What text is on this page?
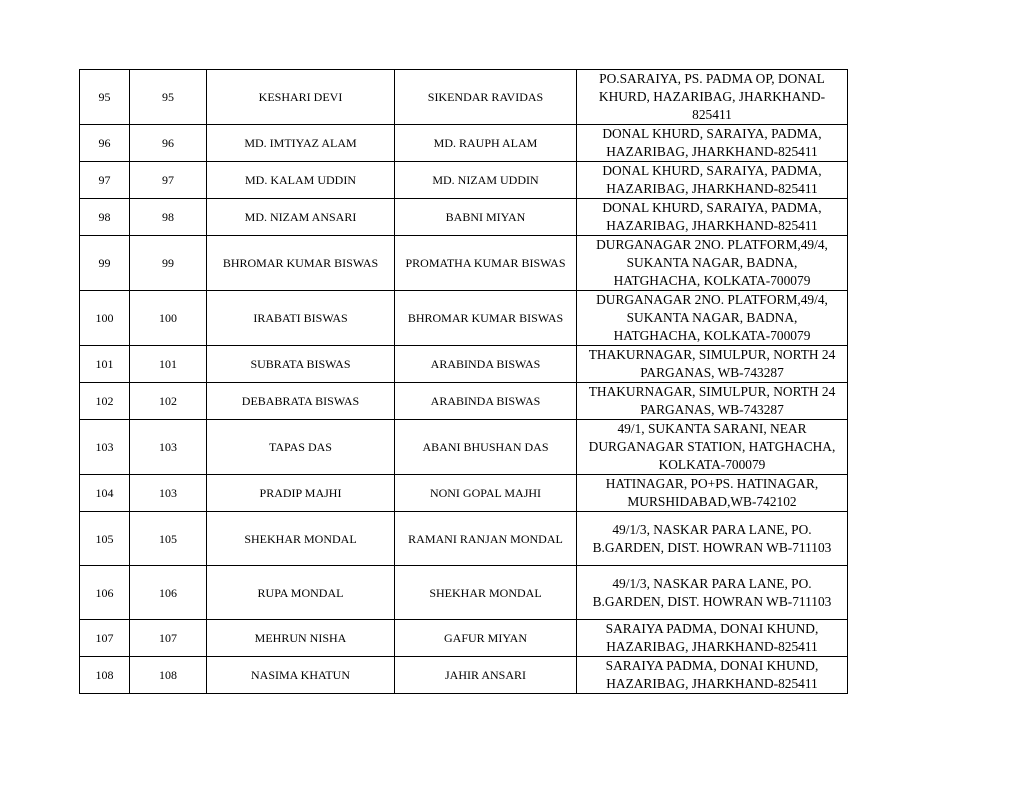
95	95	KESHARI DEVI	SIKENDAR RAVIDAS	PO.SARAIYA, PS. PADMA OP, DONAL
KHURD, HAZARIBAG, JHARKHAND-
825411

96	96	MD. IMTIYAZ ALAM	MD. RAUPH ALAM	DONAL KHURD, SARAIYA, PADMA,
HAZARIBAG, JHARKHAND-825411

97	97	MD. KALAM UDDIN	MD. NIZAM UDDIN	DONAL KHURD, SARAIYA, PADMA,
HAZARIBAG, JHARKHAND-825411

98	98	MD. NIZAM ANSARI	BABNI MIYAN	DONAL KHURD, SARAIYA, PADMA,
HAZARIBAG, JHARKHAND-825411

99	99	BHROMAR KUMAR BISWAS	PROMATHA KUMAR BISWAS	DURGANAGAR 2NO. PLATFORM,49/4,
SUKANTA NAGAR, BADNA,
HATGHACHA, KOLKATA-700079

100	100	IRABATI BISWAS	BHROMAR KUMAR BISWAS	DURGANAGAR 2NO. PLATFORM,49/4,
SUKANTA NAGAR, BADNA,
HATGHACHA, KOLKATA-700079

101	101	SUBRATA BISWAS	ARABINDA BISWAS	THAKURNAGAR, SIMULPUR, NORTH 24
PARGANAS, WB-743287

102	102	DEBABRATA BISWAS	ARABINDA BISWAS	THAKURNAGAR, SIMULPUR, NORTH 24
PARGANAS, WB-743287

103	103	TAPAS DAS	ABANI BHUSHAN DAS	49/1, SUKANTA SARANI, NEAR
DURGANAGAR STATION, HATGHACHA,
KOLKATA-700079

104	103	PRADIP MAJHI	NONI GOPAL MAJHI	HATINAGAR, PO+PS. HATINAGAR,
MURSHIDABAD,WB-742102

105	105	SHEKHAR MONDAL	RAMANI RANJAN MONDAL	49/1/3, NASKAR PARA LANE, PO.
B.GARDEN, DIST. HOWRAN WB-711103

106	106	RUPA MONDAL	SHEKHAR MONDAL	49/1/3, NASKAR PARA LANE, PO.
B.GARDEN, DIST. HOWRAN WB-711103

107	107	MEHRUN NISHA	GAFUR MIYAN	SARAIYA PADMA, DONAI KHUND,
HAZARIBAG, JHARKHAND-825411

108	108	NASIMA KHATUN	JAHIR ANSARI	SARAIYA PADMA, DONAI KHUND,
HAZARIBAG, JHARKHAND-825411
